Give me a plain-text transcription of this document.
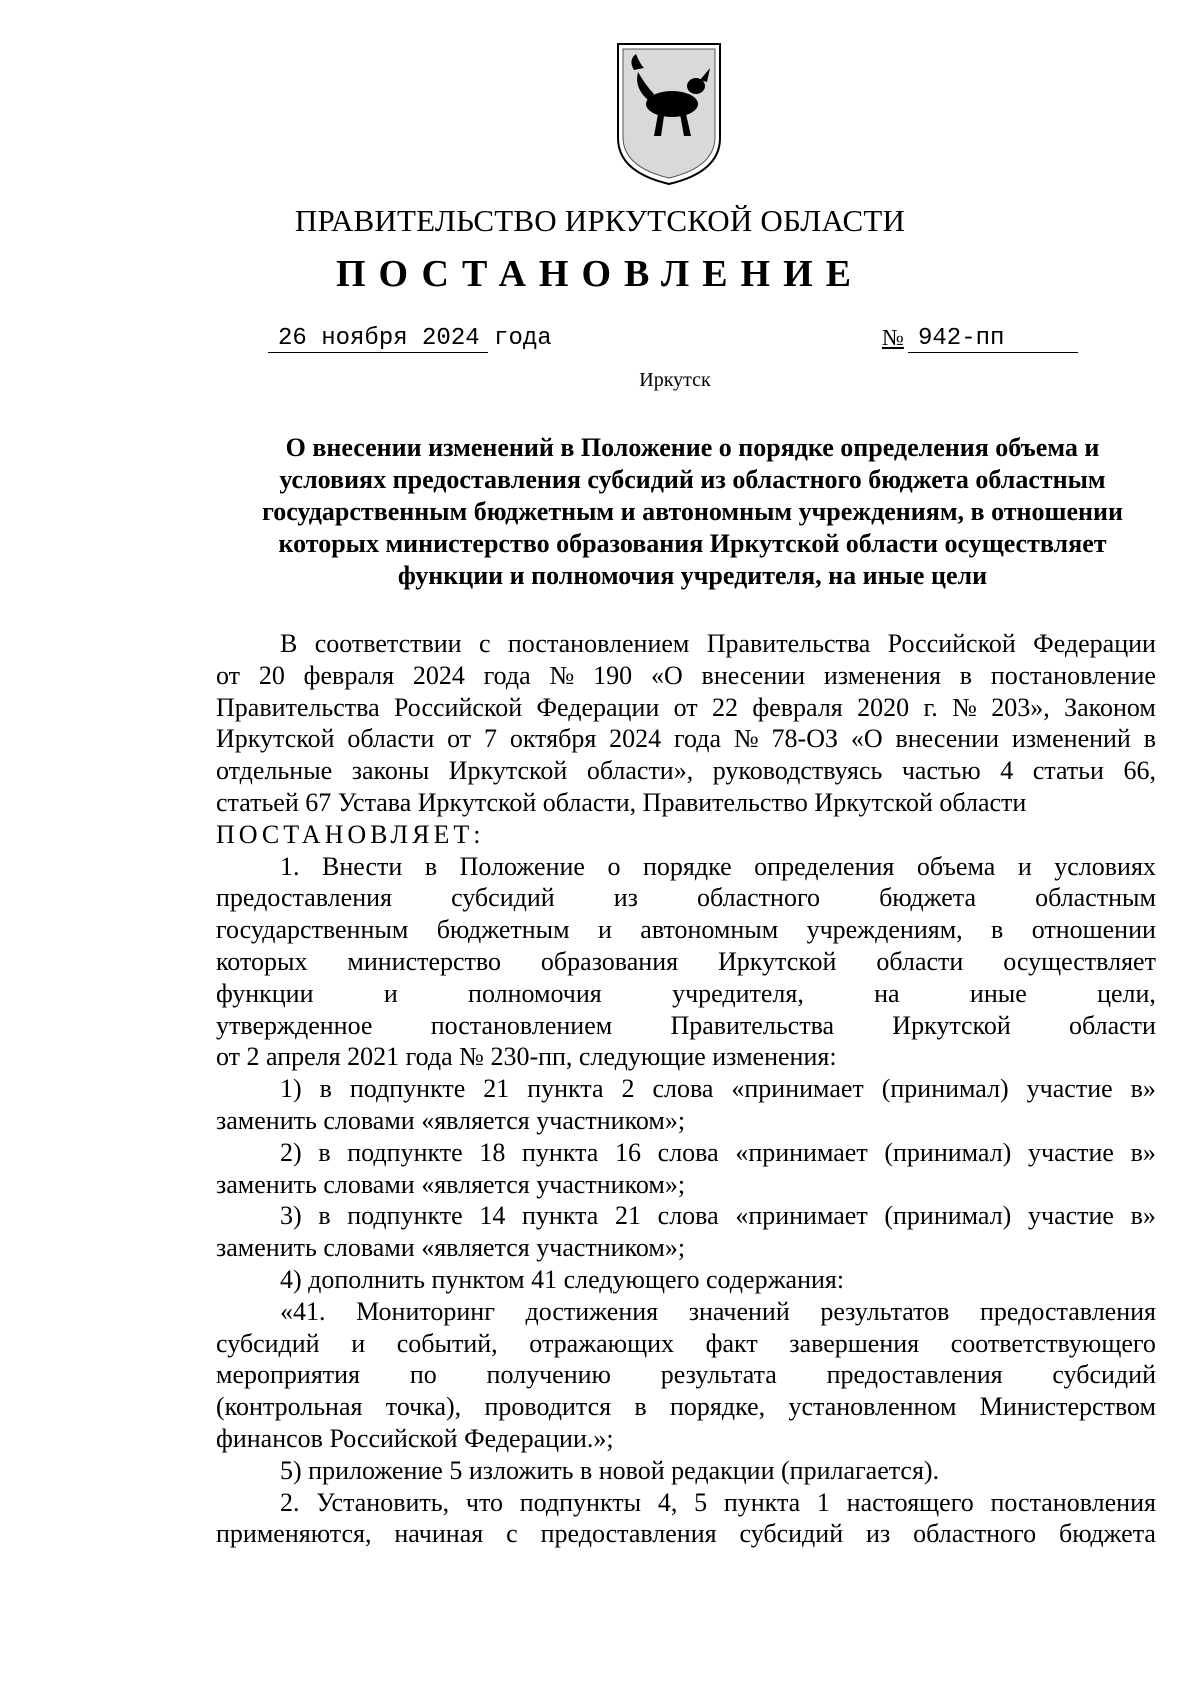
ПРАВИТЕЛЬСТВО ИРКУТСКОЙ ОБЛАСТИ
ПОСТАНОВЛЕНИЕ
26 ноября 2024 года	№ 942-пп
Иркутск
О внесении изменений в Положение о порядке определения объема и
условиях предоставления субсидий из областного бюджета областным
государственным бюджетным и автономным учреждениям, в отношении
которых министерство образования Иркутской области осуществляет
функции и полномочия учредителя, на иные цели
В соответствии с постановлением Правительства Российской Федерации
от 20 февраля 2024 года № 190 «О внесении изменения в постановление
Правительства Российской Федерации от 22 февраля 2020 г. № 203», Законом
Иркутской области от 7 октября 2024 года № 78-ОЗ «О внесении изменений в
отдельные законы Иркутской области», руководствуясь частью 4 статьи 66,
статьей 67 Устава Иркутской области, Правительство Иркутской области
ПОСТАНОВЛЯЕТ:
1. Внести в Положение о порядке определения объема и условиях
предоставления субсидий из областного бюджета областным
государственным бюджетным и автономным учреждениям, в отношении
которых министерство образования Иркутской области осуществляет
функции	и	полномочия	учредителя,	на	иные	цели,
утвержденное постановлением Правительства Иркутской области
от 2 апреля 2021 года № 230-пп, следующие изменения:
1) в подпункте 21 пункта 2 слова «принимает (принимал) участие в»
заменить словами «является участником»;
2) в подпункте 18 пункта 16 слова «принимает (принимал) участие в»
заменить словами «является участником»;
3) в подпункте 14 пункта 21 слова «принимает (принимал) участие в»
заменить словами «является участником»;
4) дополнить пунктом 41 следующего содержания:
«41. Мониторинг достижения значений результатов предоставления
субсидий и событий, отражающих факт завершения соответствующего
мероприятия по получению результата предоставления субсидий
(контрольная точка), проводится в порядке, установленном Министерством
финансов Российской Федерации.»;
5) приложение 5 изложить в новой редакции (прилагается).
2. Установить, что подпункты 4, 5 пункта 1 настоящего постановления
применяются, начиная с предоставления субсидий из областного бюджета
